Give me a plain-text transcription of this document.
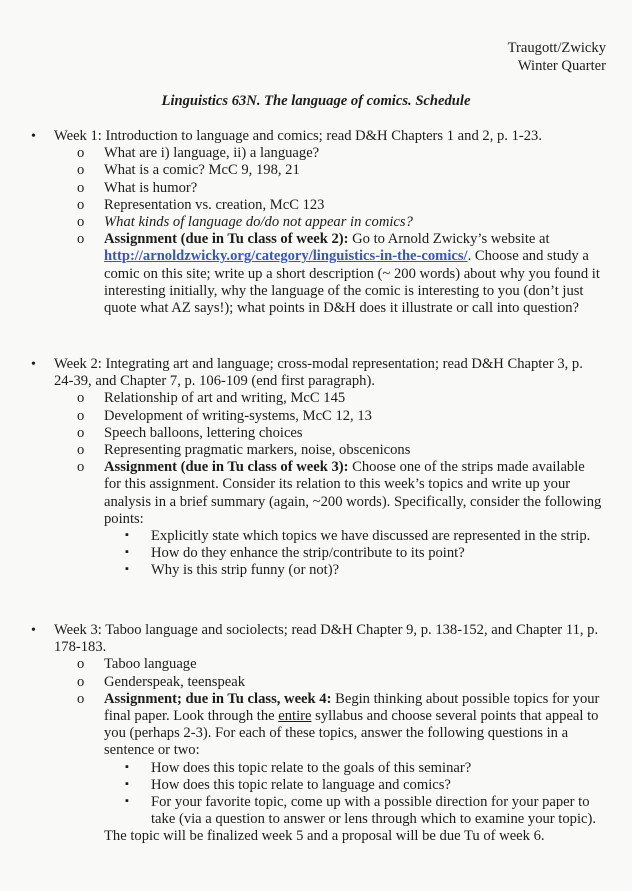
Traugott/Zwicky
Winter Quarter
Linguistics 63N. The language of comics. Schedule
• Week 1: Introduction to language and comics; read D&H Chapters 1 and 2, p. 1-23.
o What are i) language, ii) a language?
o What is a comic? McC 9, 198, 21
o What is humor?
o Representation vs. creation, McC 123
o What kinds of language do/do not appear in comics?
o Assignment (due in Tu class of week 2): Go to Arnold Zwicky’s website at http://arnoldzwicky.org/category/linguistics-in-the-comics/. Choose and study a comic on this site; write up a short description (~ 200 words) about why you found it interesting initially, why the language of the comic is interesting to you (don’t just quote what AZ says!); what points in D&H does it illustrate or call into question?
• Week 2: Integrating art and language; cross-modal representation; read D&H Chapter 3, p. 24-39, and Chapter 7, p. 106-109 (end first paragraph).
o Relationship of art and writing, McC 145
o Development of writing-systems, McC 12, 13
o Speech balloons, lettering choices
o Representing pragmatic markers, noise, obscenicons
o Assignment (due in Tu class of week 3): Choose one of the strips made available for this assignment. Consider its relation to this week’s topics and write up your analysis in a brief summary (again, ~200 words). Specifically, consider the following points:
▪ Explicitly state which topics we have discussed are represented in the strip.
▪ How do they enhance the strip/contribute to its point?
▪ Why is this strip funny (or not)?
• Week 3: Taboo language and sociolects; read D&H Chapter 9, p. 138-152, and Chapter 11, p. 178-183.
o Taboo language
o Genderspeak, teenspeak
o Assignment; due in Tu class, week 4: Begin thinking about possible topics for your final paper. Look through the entire syllabus and choose several points that appeal to you (perhaps 2-3). For each of these topics, answer the following questions in a sentence or two:
▪ How does this topic relate to the goals of this seminar?
▪ How does this topic relate to language and comics?
▪ For your favorite topic, come up with a possible direction for your paper to take (via a question to answer or lens through which to examine your topic).
The topic will be finalized week 5 and a proposal will be due Tu of week 6.
